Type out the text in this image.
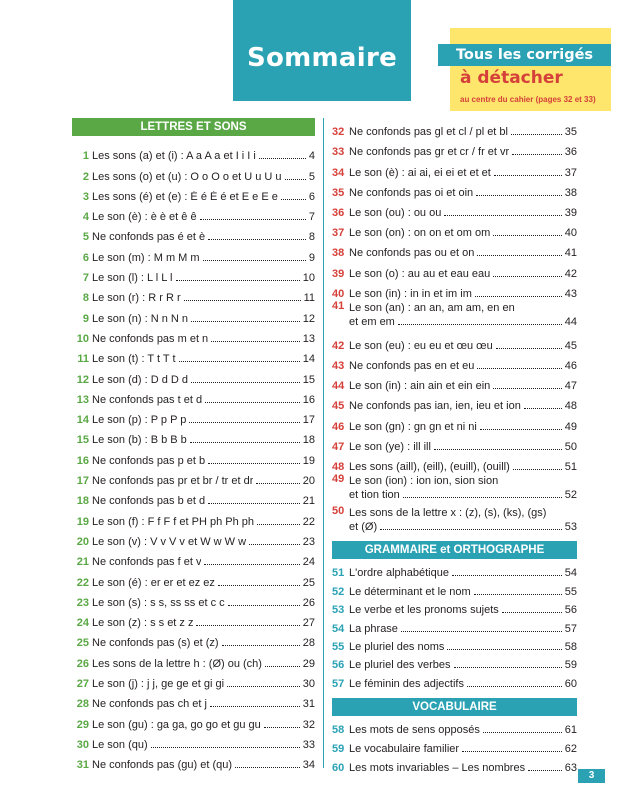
Sommaire	Tous les corrigés
à détacher
au centre du cahier (pages 32 et 33)
LETTRES ET SONS
1 Les sons (a) et (i) : A a A a et I i I i	4
2 Les sons (o) et (u) : O o O o et U u U u 5
3 Les sons (é) et (e) : É é É é et E e E e	6
4 Le son (è) : è è et ê ê	7
5 Ne confonds pas é et è	8
6 Le son (m) : M m M m	9
7 Le son (l) : L l L l	10
8 Le son (r) : R r R r	11
9 Le son (n) : N n N n	12
10 Ne confonds pas m et n	13
11 Le son (t) : T t T t	14
12 Le son (d) : D d D d	15
13 Ne confonds pas t et d	16
14 Le son (p) : P p P p	17
15 Le son (b) : B b B b	18
16 Ne confonds pas p et b	19
17 Ne confonds pas pr et br / tr et dr	20
18 Ne confonds pas b et d	21
19 Le son (f) : F f F f et PH ph Ph ph	22
20 Le son (v) : V v V v et W w W w	23
21 Ne confonds pas f et v	24
22 Le son (é) : er er et ez ez	25
23 Le son (s) : s s, ss ss et c c	26
24 Le son (z) : s s et z z	27
25 Ne confonds pas (s) et (z)	28
26 Les sons de la lettre h : (Ø) ou (ch)	29
27 Le son (j) : j j, ge ge et gi gi	30
28 Ne confonds pas ch et j	31
29 Le son (gu) : ga ga, go go et gu gu	32
30 Le son (qu)	33
31 Ne confonds pas (gu) et (qu)	34
32 Ne confonds pas gl et cl / pl et bl	35
33 Ne confonds pas gr et cr / fr et vr	36
34 Le son (è) : ai ai, ei ei et et et	37
35 Ne confonds pas oi et oin	38
36 Le son (ou) : ou ou	39
37 Le son (on) : on on et om om	40
38 Ne confonds pas ou et on	41
39 Le son (o) : au au et eau eau	42
40 Le son (in) : in in et im im	43
41 Le son (an) : an an, am am, en en
et em em	44
42 Le son (eu) : eu eu et œu œu	45
43 Ne confonds pas en et eu	46
44 Le son (in) : ain ain et ein ein	47
45 Ne confonds pas ian, ien, ieu et ion	48
46 Le son (gn) : gn gn et ni ni	49
47 Le son (ye) : ill ill	50
48 Les sons (aill), (eill), (euill), (ouill)	51
49 Le son (ion) : ion ion, sion sion
et tion tion	52
50 Les sons de la lettre x : (z), (s), (ks), (gs)
et (Ø)	53
GRAMMAIRE et ORTHOGRAPHE
51 L'ordre alphabétique	54
52 Le déterminant et le nom	55
53 Le verbe et les pronoms sujets	56
54 La phrase	57
55 Le pluriel des noms	58
56 Le pluriel des verbes	59
57 Le féminin des adjectifs	60
VOCABULAIRE
58 Les mots de sens opposés	61
59 Le vocabulaire familier	62
60 Les mots invariables – Les nombres	63
3
